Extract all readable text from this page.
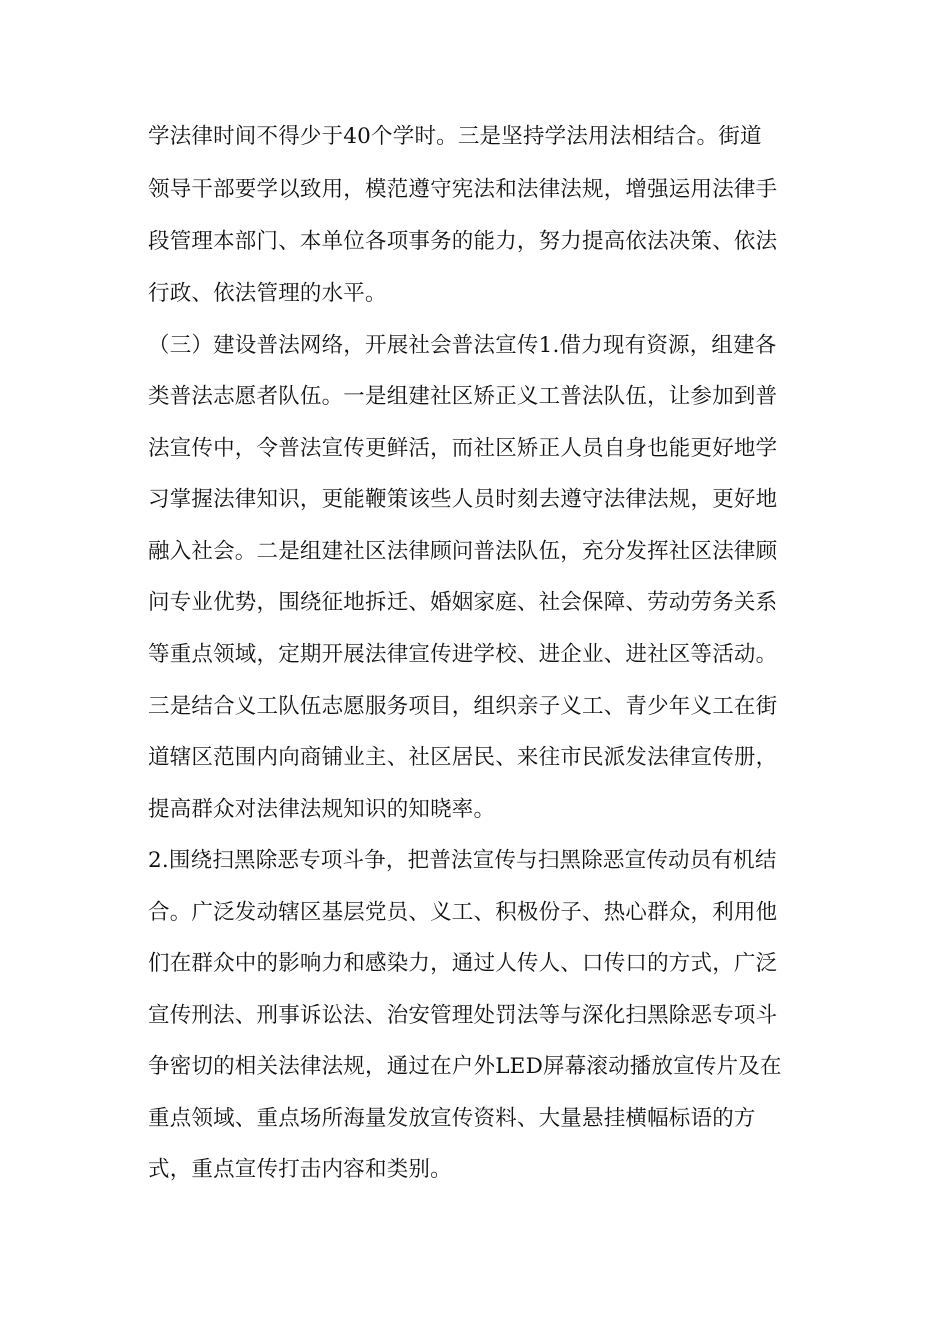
学法律时间不得少于40个学时。三是坚持学法用法相结合。街道
领导干部要学以致用，模范遵守宪法和法律法规，增强运用法律手
段管理本部门、本单位各项事务的能力，努力提高依法决策、依法
行政、依法管理的水平。
（三）建设普法网络，开展社会普法宣传1.借力现有资源，组建各
类普法志愿者队伍。一是组建社区矫正义工普法队伍，让参加到普
法宣传中，令普法宣传更鲜活，而社区矫正人员自身也能更好地学
习掌握法律知识，更能鞭策该些人员时刻去遵守法律法规，更好地
融入社会。二是组建社区法律顾问普法队伍，充分发挥社区法律顾
问专业优势，围绕征地拆迁、婚姻家庭、社会保障、劳动劳务关系
等重点领域，定期开展法律宣传进学校、进企业、进社区等活动。
三是结合义工队伍志愿服务项目，组织亲子义工、青少年义工在街
道辖区范围内向商铺业主、社区居民、来往市民派发法律宣传册，
提高群众对法律法规知识的知晓率。
2.围绕扫黑除恶专项斗争，把普法宣传与扫黑除恶宣传动员有机结
合。广泛发动辖区基层党员、义工、积极份子、热心群众，利用他
们在群众中的影响力和感染力，通过人传人、口传口的方式，广泛
宣传刑法、刑事诉讼法、治安管理处罚法等与深化扫黑除恶专项斗
争密切的相关法律法规，通过在户外LED屏幕滚动播放宣传片及在
重点领域、重点场所海量发放宣传资料、大量悬挂横幅标语的方
式，重点宣传打击内容和类别。
